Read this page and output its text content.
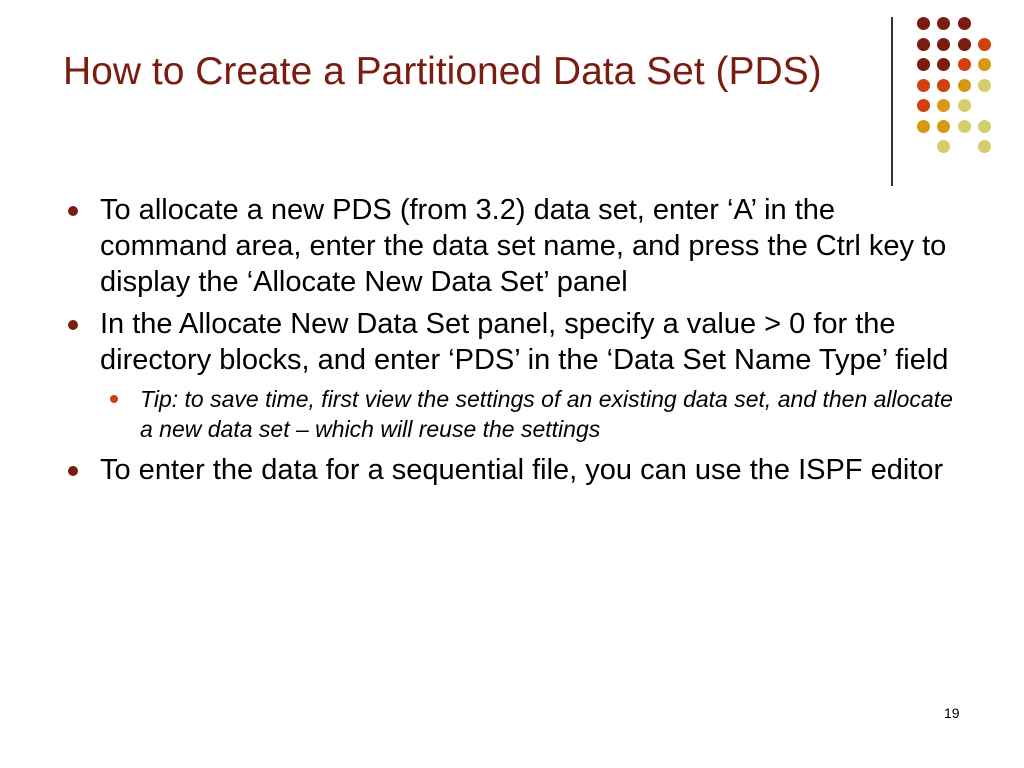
How to Create a Partitioned Data Set (PDS)
To allocate a new PDS (from 3.2) data set, enter ‘A’ in the command area, enter the data set name, and press the Ctrl key to display the ‘Allocate New Data Set’ panel
In the Allocate New Data Set panel, specify a value > 0 for the directory blocks, and enter ‘PDS’ in the ‘Data Set Name Type’ field
Tip: to save time, first view the settings of an existing data set, and then allocate a new data set – which will reuse the settings
To enter the data for a sequential file, you can use the ISPF editor
19
